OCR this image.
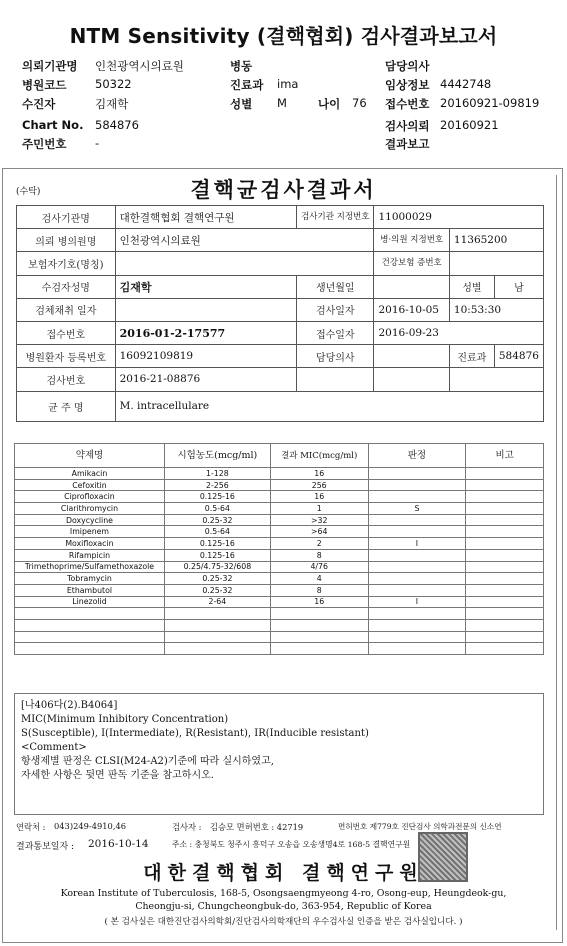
NTM Sensitivity (결핵협회) 검사결과보고서
의뢰기관명 인천광역시의료원	병동	담당의사
병원코드 50322	진료과 ima	임상정보 4442748
수진자	김재학	성별 M	나이 76 접수번호 20160921-09819
Chart No. 584876	검사의뢰 20160921
주민번호 -	결과보고
(수탁)	결핵균검사결과서
검사기관명	대한결핵협회 결핵연구원	검사기관 지정번호	11000029		
의뢰 병의원명	인천광역시의료원		병·의원 지정번호	11365200	
보험자기호(명칭)			건강보험 증번호		
수검자성명	김재학	생년월일		성별	남
검체채취 일자		검사일자	2016-10-05	10:53:30	
접수번호	2016-01-2-17577	접수일자	2016-09-23		
병원환자 등록번호	16092109819	담당의사		진료과	584876
검사번호	2016-21-08876				
균 주 명	M. intracellulare				
약제명	시험농도(mcg/ml)	결과 MIC(mcg/ml)	판정	비고
Amikacin	1-128	16		
Cefoxitin	2-256	256		
Ciprofloxacin	0.125-16	16		
Clarithromycin	0.5-64	1	S	
Doxycycline	0.25-32	>32		
Imipenem	0.5-64	>64		
Moxifloxacin	0.125-16	2	I	
Rifampicin	0.125-16	8		
Trimethoprime/Sulfamethoxazole	0.25/4.75-32/608	4/76		
Tobramycin	0.25-32	4		
Ethambutol	0.25-32	8		
Linezolid	2-64	16	I	

[나406다(2).B4064]
MIC(Minimum Inhibitory Concentration)
S(Susceptible), I(Intermediate), R(Resistant), IR(Inducible resistant)
<Comment>
항생제별 판정은 CLSI(M24-A2)기준에 따라 실시하였고,
자세한 사항은 뒷면 판독 기준을 참고하시오.
연락처 : 043)249-4910,46	검사자 : 김승모 면허번호 : 42719	면허번호 제779호 진단검사 의학과전문의 신소연
결과통보일자 : 2016-10-14	주소 : 충청북도 청주시 흥덕구 오송읍 오송생명4로 168-5 결핵연구원
대한결핵협회 결핵연구원
Korean Institute of Tuberculosis, 168-5, Osongsaengmyeong 4-ro, Osong-eup, Heungdeok-gu,
Cheongju-si, Chungcheongbuk-do, 363-954, Republic of Korea
( 본 검사실은 대한진단검사의학회/진단검사의학재단의 우수검사실 인증을 받은 검사실입니다. )
